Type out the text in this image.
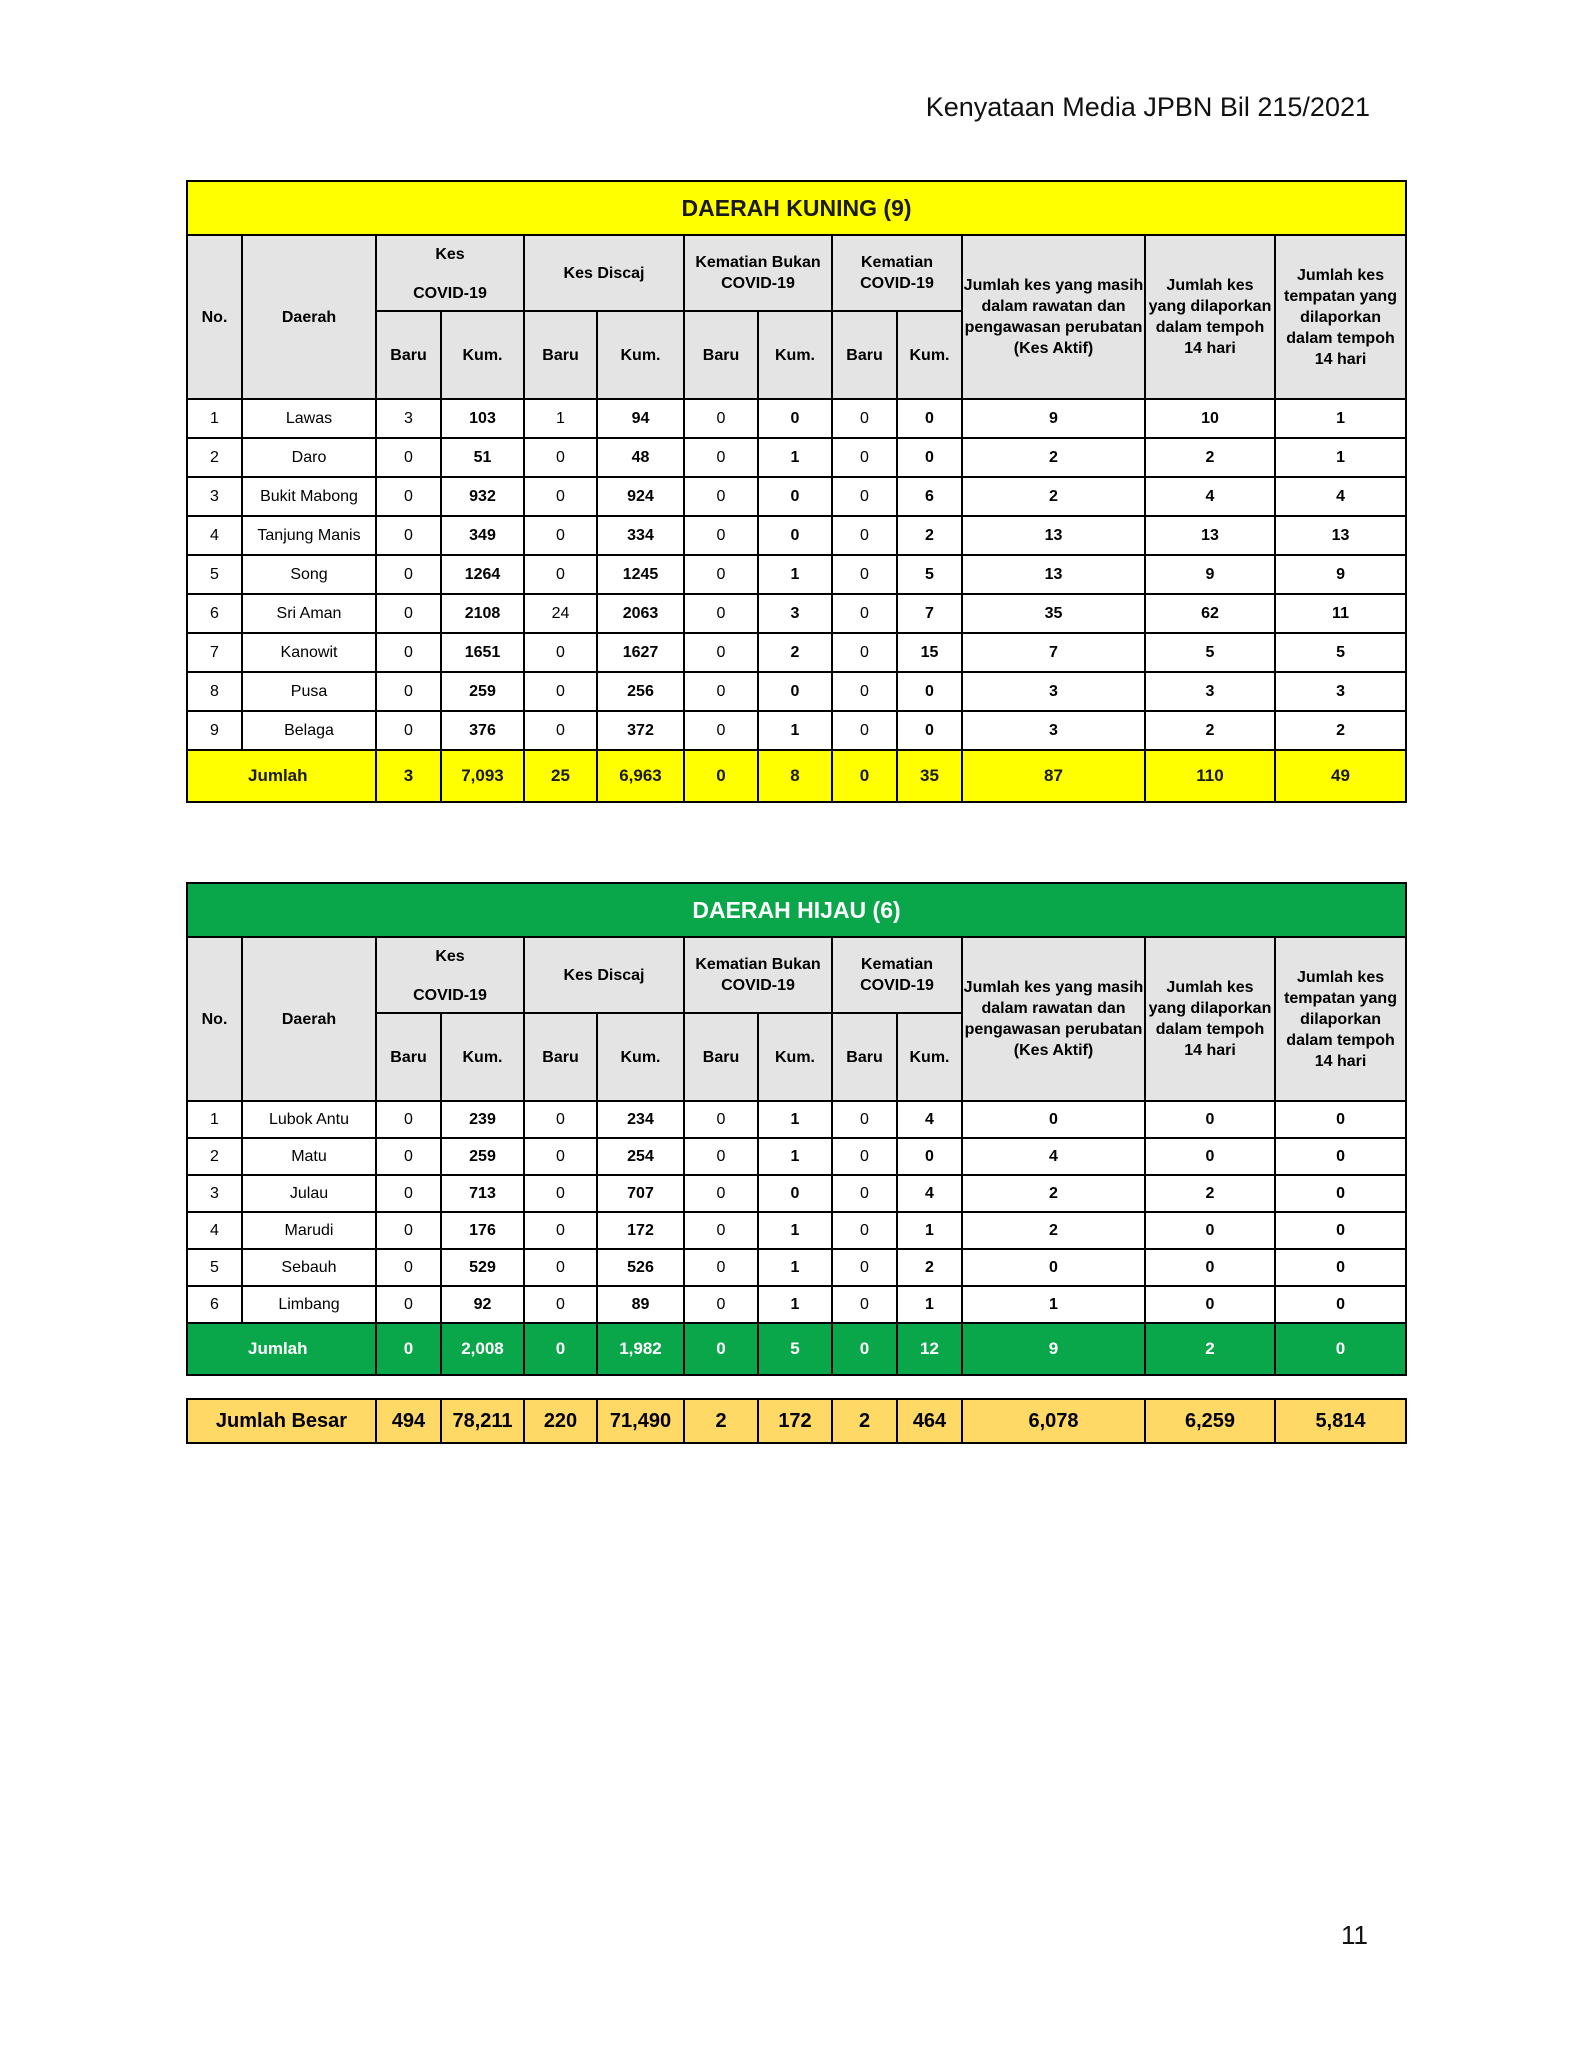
Kenyataan Media JPBN Bil 215/2021
DAERAH KUNING (9)												
No.	Daerah	Kes
COVID-19		Kes Discaj		Kematian Bukan COVID-19		Kematian COVID-19		Jumlah kes yang masih dalam rawatan dan pengawasan perubatan (Kes Aktif)	Jumlah kes yang dilaporkan dalam tempoh 14 hari	Jumlah kes tempatan yang dilaporkan dalam tempoh 14 hari
		Baru	Kum.	Baru	Kum.	Baru	Kum.	Baru	Kum.			
1	Lawas	3	103	1	94	0	0	0	0	9	10	1
2	Daro	0	51	0	48	0	1	0	0	2	2	1
3	Bukit Mabong	0	932	0	924	0	0	0	6	2	4	4
4	Tanjung Manis	0	349	0	334	0	0	0	2	13	13	13
5	Song	0	1264	0	1245	0	1	0	5	13	9	9
6	Sri Aman	0	2108	24	2063	0	3	0	7	35	62	11
7	Kanowit	0	1651	0	1627	0	2	0	15	7	5	5
8	Pusa	0	259	0	256	0	0	0	0	3	3	3
9	Belaga	0	376	0	372	0	1	0	0	3	2	2
Jumlah		3	7,093	25	6,963	0	8	0	35	87	110	49
DAERAH HIJAU (6)												
No.	Daerah	Kes
COVID-19		Kes Discaj		Kematian Bukan COVID-19		Kematian COVID-19		Jumlah kes yang masih dalam rawatan dan pengawasan perubatan (Kes Aktif)	Jumlah kes yang dilaporkan dalam tempoh 14 hari	Jumlah kes tempatan yang dilaporkan dalam tempoh 14 hari
		Baru	Kum.	Baru	Kum.	Baru	Kum.	Baru	Kum.			
1	Lubok Antu	0	239	0	234	0	1	0	4	0	0	0
2	Matu	0	259	0	254	0	1	0	0	4	0	0
3	Julau	0	713	0	707	0	0	0	4	2	2	0
4	Marudi	0	176	0	172	0	1	0	1	2	0	0
5	Sebauh	0	529	0	526	0	1	0	2	0	0	0
6	Limbang	0	92	0	89	0	1	0	1	1	0	0
Jumlah		0	2,008	0	1,982	0	5	0	12	9	2	0
Jumlah Besar	494	78,211	220	71,490	2	172	2	464	6,078	6,259	5,814
11
